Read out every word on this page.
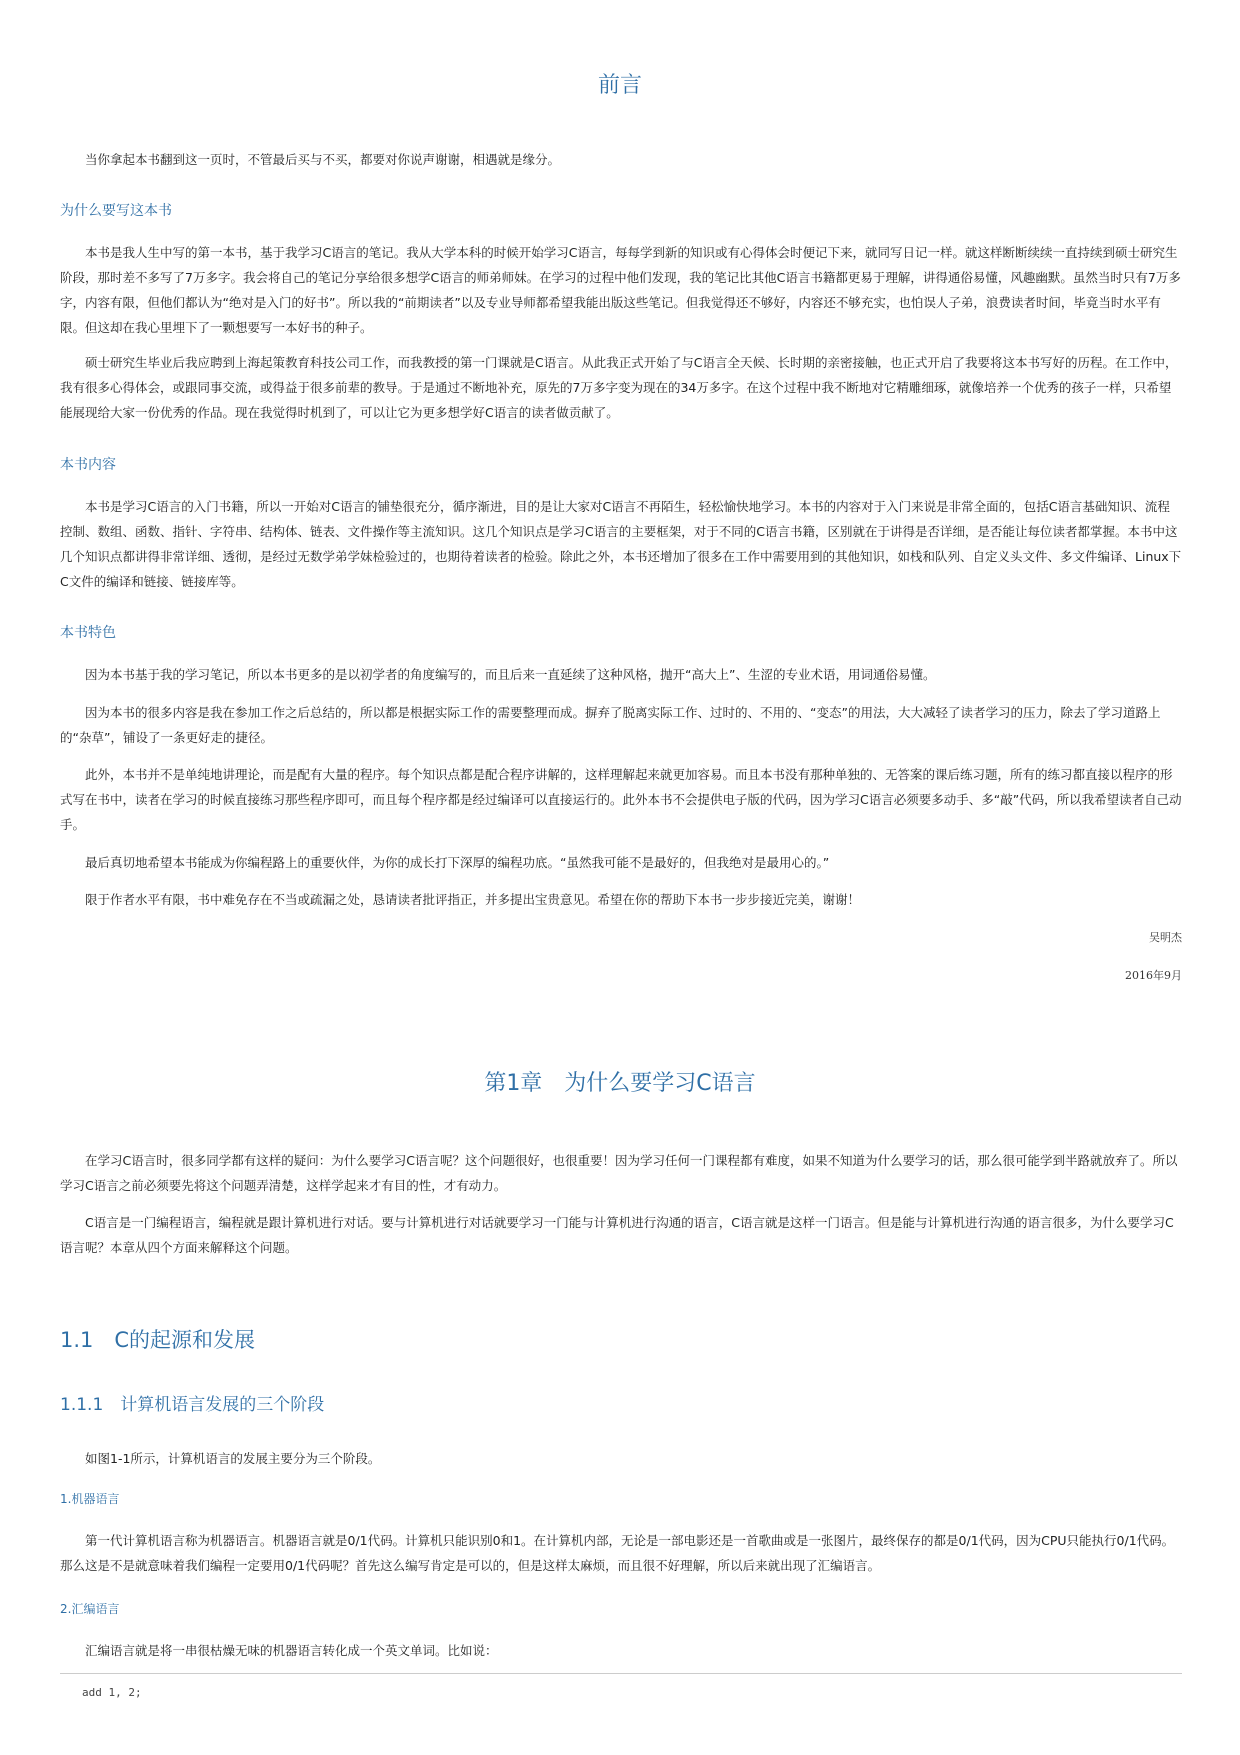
前言

当你拿起本书翻到这一页时，不管最后买与不买，都要对你说声谢谢，相遇就是缘分。

为什么要写这本书

本书是我人生中写的第一本书，基于我学习C语言的笔记。我从大学本科的时候开始学习C语言，每每学到新的知识或有心得体会时便记下来，就同写日记一样。就这样断断续续一直持续到硕士研究生阶段，那时差不多写了7万多字。我会将自己的笔记分享给很多想学C语言的师弟师妹。在学习的过程中他们发现，我的笔记比其他C语言书籍都更易于理解，讲得通俗易懂，风趣幽默。虽然当时只有7万多字，内容有限，但他们都认为“绝对是入门的好书”。所以我的“前期读者”以及专业导师都希望我能出版这些笔记。但我觉得还不够好，内容还不够充实，也怕误人子弟，浪费读者时间，毕竟当时水平有限。但这却在我心里埋下了一颗想要写一本好书的种子。

硕士研究生毕业后我应聘到上海起策教育科技公司工作，而我教授的第一门课就是C语言。从此我正式开始了与C语言全天候、长时期的亲密接触，也正式开启了我要将这本书写好的历程。在工作中，我有很多心得体会，或跟同事交流，或得益于很多前辈的教导。于是通过不断地补充，原先的7万多字变为现在的34万多字。在这个过程中我不断地对它精雕细琢，就像培养一个优秀的孩子一样，只希望能展现给大家一份优秀的作品。现在我觉得时机到了，可以让它为更多想学好C语言的读者做贡献了。

本书内容

本书是学习C语言的入门书籍，所以一开始对C语言的铺垫很充分，循序渐进，目的是让大家对C语言不再陌生，轻松愉快地学习。本书的内容对于入门来说是非常全面的，包括C语言基础知识、流程控制、数组、函数、指针、字符串、结构体、链表、文件操作等主流知识。这几个知识点是学习C语言的主要框架，对于不同的C语言书籍，区别就在于讲得是否详细，是否能让每位读者都掌握。本书中这几个知识点都讲得非常详细、透彻，是经过无数学弟学妹检验过的，也期待着读者的检验。除此之外，本书还增加了很多在工作中需要用到的其他知识，如栈和队列、自定义头文件、多文件编译、Linux下C文件的编译和链接、链接库等。

本书特色

因为本书基于我的学习笔记，所以本书更多的是以初学者的角度编写的，而且后来一直延续了这种风格，抛开“高大上”、生涩的专业术语，用词通俗易懂。

因为本书的很多内容是我在参加工作之后总结的，所以都是根据实际工作的需要整理而成。摒弃了脱离实际工作、过时的、不用的、“变态”的用法，大大减轻了读者学习的压力，除去了学习道路上的“杂草”，铺设了一条更好走的捷径。

此外，本书并不是单纯地讲理论，而是配有大量的程序。每个知识点都是配合程序讲解的，这样理解起来就更加容易。而且本书没有那种单独的、无答案的课后练习题，所有的练习都直接以程序的形式写在书中，读者在学习的时候直接练习那些程序即可，而且每个程序都是经过编译可以直接运行的。此外本书不会提供电子版的代码，因为学习C语言必须要多动手、多“敲”代码，所以我希望读者自己动手。

最后真切地希望本书能成为你编程路上的重要伙伴，为你的成长打下深厚的编程功底。“虽然我可能不是最好的，但我绝对是最用心的。”

限于作者水平有限，书中难免存在不当或疏漏之处，恳请读者批评指正，并多提出宝贵意见。希望在你的帮助下本书一步步接近完美，谢谢！

吴明杰
2016年9月
第1章　为什么要学习C语言

在学习C语言时，很多同学都有这样的疑问：为什么要学习C语言呢？这个问题很好，也很重要！因为学习任何一门课程都有难度，如果不知道为什么要学习的话，那么很可能学到半路就放弃了。所以学习C语言之前必须要先将这个问题弄清楚，这样学起来才有目的性，才有动力。

C语言是一门编程语言，编程就是跟计算机进行对话。要与计算机进行对话就要学习一门能与计算机进行沟通的语言，C语言就是这样一门语言。但是能与计算机进行沟通的语言很多，为什么要学习C语言呢？本章从四个方面来解释这个问题。

1.1　C的起源和发展
1.1.1　计算机语言发展的三个阶段

如图1-1所示，计算机语言的发展主要分为三个阶段。

1.机器语言

第一代计算机语言称为机器语言。机器语言就是0/1代码。计算机只能识别0和1。在计算机内部，无论是一部电影还是一首歌曲或是一张图片，最终保存的都是0/1代码，因为CPU只能执行0/1代码。那么这是不是就意味着我们编程一定要用0/1代码呢？首先这么编写肯定是可以的，但是这样太麻烦，而且很不好理解，所以后来就出现了汇编语言。

2.汇编语言

汇编语言就是将一串很枯燥无味的机器语言转化成一个英文单词。比如说：

add 1, 2;
